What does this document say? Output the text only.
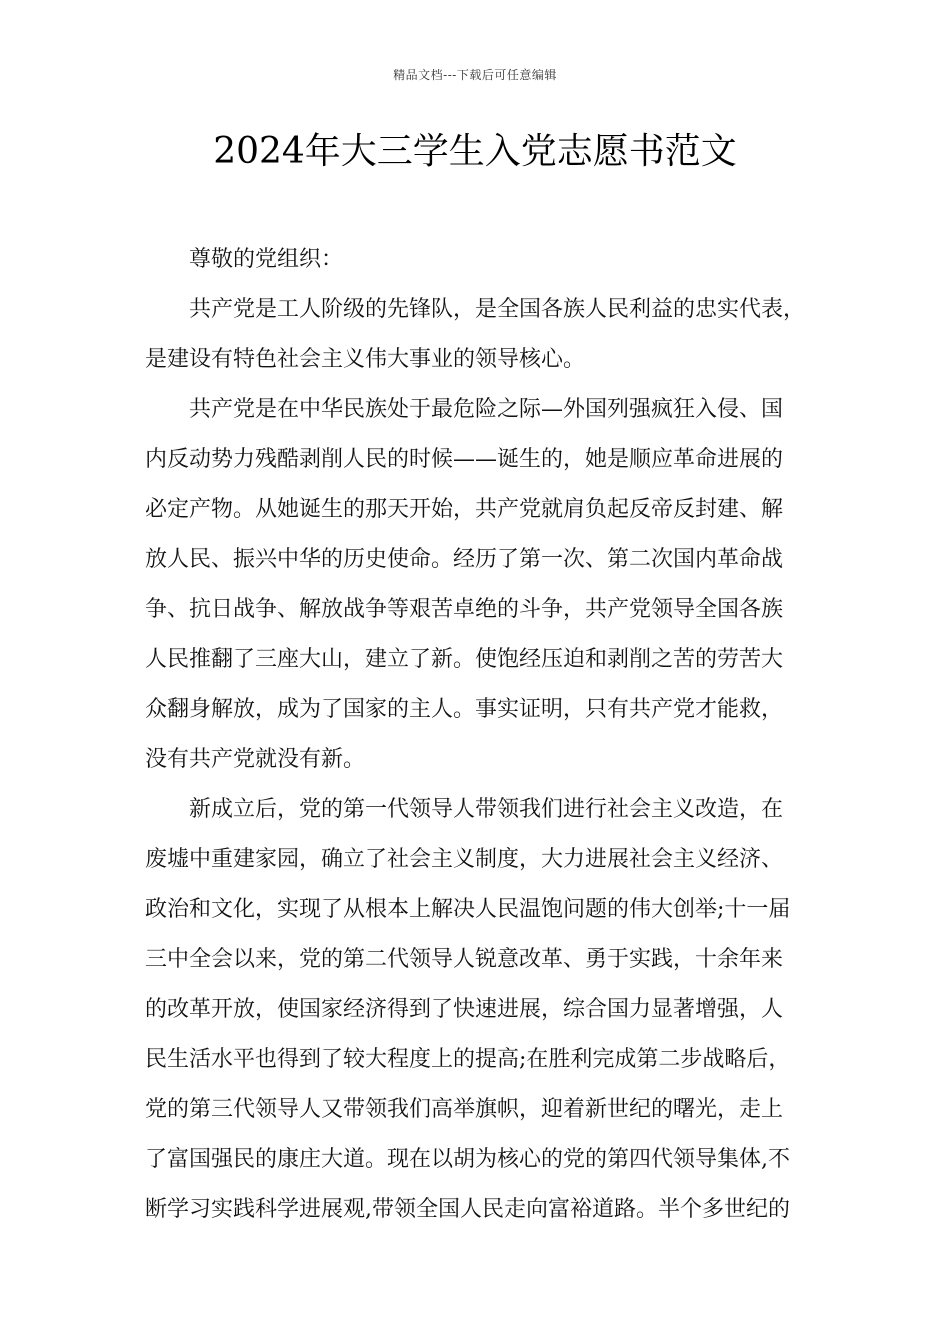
精品文档---下载后可任意编辑
2024年大三学生入党志愿书范文
尊敬的党组织：
共产党是工人阶级的先锋队，是全国各族人民利益的忠实代表，
是建设有特色社会主义伟大事业的领导核心。
共产党是在中华民族处于最危险之际—外国列强疯狂入侵、国
内反动势力残酷剥削人民的时候——诞生的，她是顺应革命进展的
必定产物。从她诞生的那天开始，共产党就肩负起反帝反封建、解
放人民、振兴中华的历史使命。经历了第一次、第二次国内革命战
争、抗日战争、解放战争等艰苦卓绝的斗争，共产党领导全国各族
人民推翻了三座大山，建立了新。使饱经压迫和剥削之苦的劳苦大
众翻身解放，成为了国家的主人。事实证明，只有共产党才能救，
没有共产党就没有新。
新成立后，党的第一代领导人带领我们进行社会主义改造，在
废墟中重建家园，确立了社会主义制度，大力进展社会主义经济、
政治和文化，实现了从根本上解决人民温饱问题的伟大创举;十一届
三中全会以来，党的第二代领导人锐意改革、勇于实践，十余年来
的改革开放，使国家经济得到了快速进展，综合国力显著增强，人
民生活水平也得到了较大程度上的提高;在胜利完成第二步战略后，
党的第三代领导人又带领我们高举旗帜，迎着新世纪的曙光，走上
了富国强民的康庄大道。现在以胡为核心的党的第四代领导集体,不
断学习实践科学进展观,带领全国人民走向富裕道路。半个多世纪的
